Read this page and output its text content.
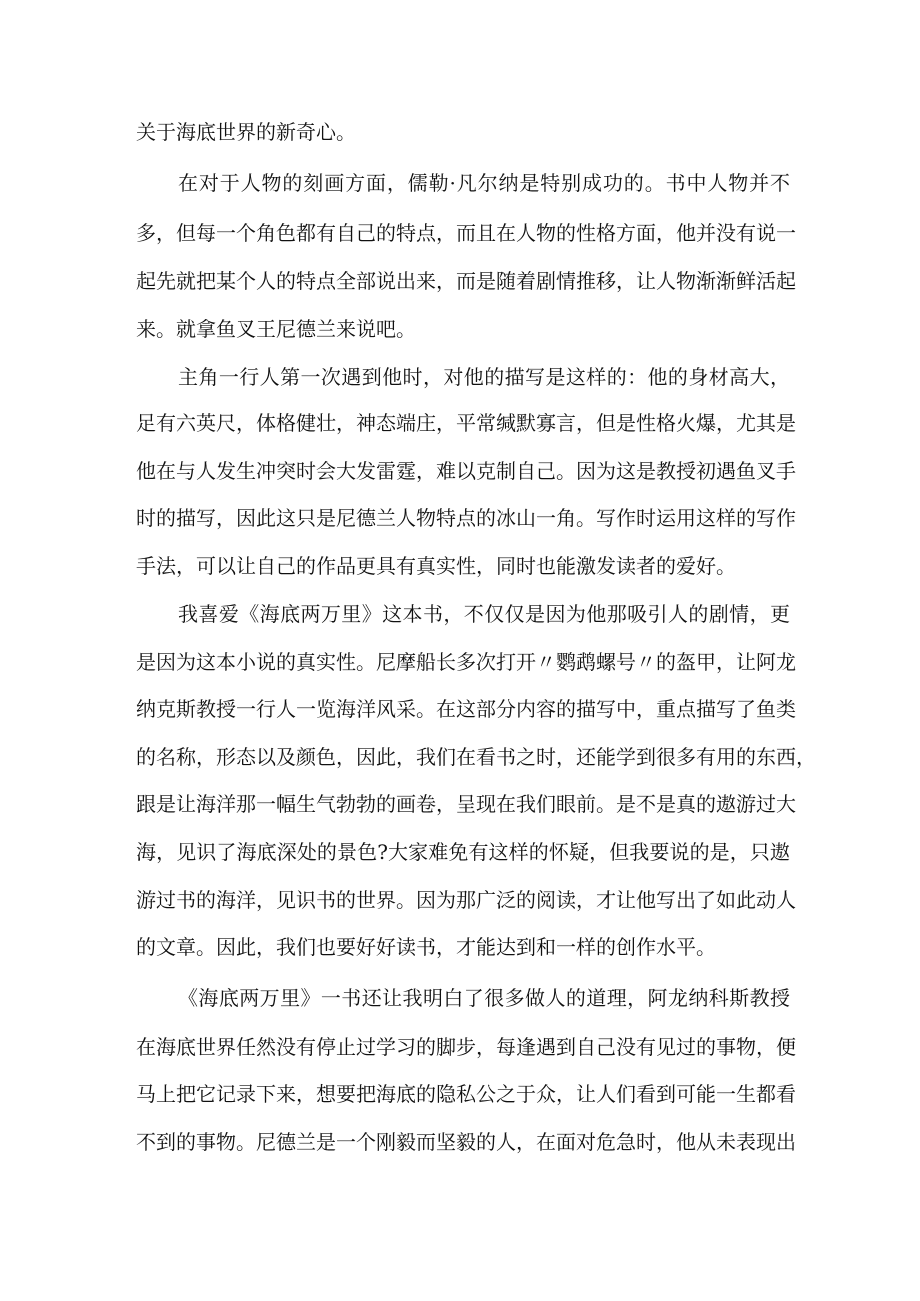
关于海底世界的新奇心。
在对于人物的刻画方面，儒勒·凡尔纳是特别成功的。书中人物并不
多，但每一个角色都有自己的特点，而且在人物的性格方面，他并没有说一
起先就把某个人的特点全部说出来，而是随着剧情推移，让人物渐渐鲜活起
来。就拿鱼叉王尼德兰来说吧。
主角一行人第一次遇到他时，对他的描写是这样的：他的身材高大，
足有六英尺，体格健壮，神态端庄，平常缄默寡言，但是性格火爆，尤其是
他在与人发生冲突时会大发雷霆，难以克制自己。因为这是教授初遇鱼叉手
时的描写，因此这只是尼德兰人物特点的冰山一角。写作时运用这样的写作
手法，可以让自己的作品更具有真实性，同时也能激发读者的爱好。
我喜爱《海底两万里》这本书，不仅仅是因为他那吸引人的剧情，更
是因为这本小说的真实性。尼摩船长多次打开〃鹦鹉螺号〃的盔甲，让阿龙
纳克斯教授一行人一览海洋风采。在这部分内容的描写中，重点描写了鱼类
的名称，形态以及颜色，因此，我们在看书之时，还能学到很多有用的东西，
跟是让海洋那一幅生气勃勃的画卷，呈现在我们眼前。是不是真的遨游过大
海，见识了海底深处的景色?大家难免有这样的怀疑，但我要说的是，只遨
游过书的海洋，见识书的世界。因为那广泛的阅读，才让他写出了如此动人
的文章。因此，我们也要好好读书，才能达到和一样的创作水平。
《海底两万里》一书还让我明白了很多做人的道理，阿龙纳科斯教授
在海底世界任然没有停止过学习的脚步，每逢遇到自己没有见过的事物，便
马上把它记录下来，想要把海底的隐私公之于众，让人们看到可能一生都看
不到的事物。尼德兰是一个刚毅而坚毅的人，在面对危急时，他从未表现出
